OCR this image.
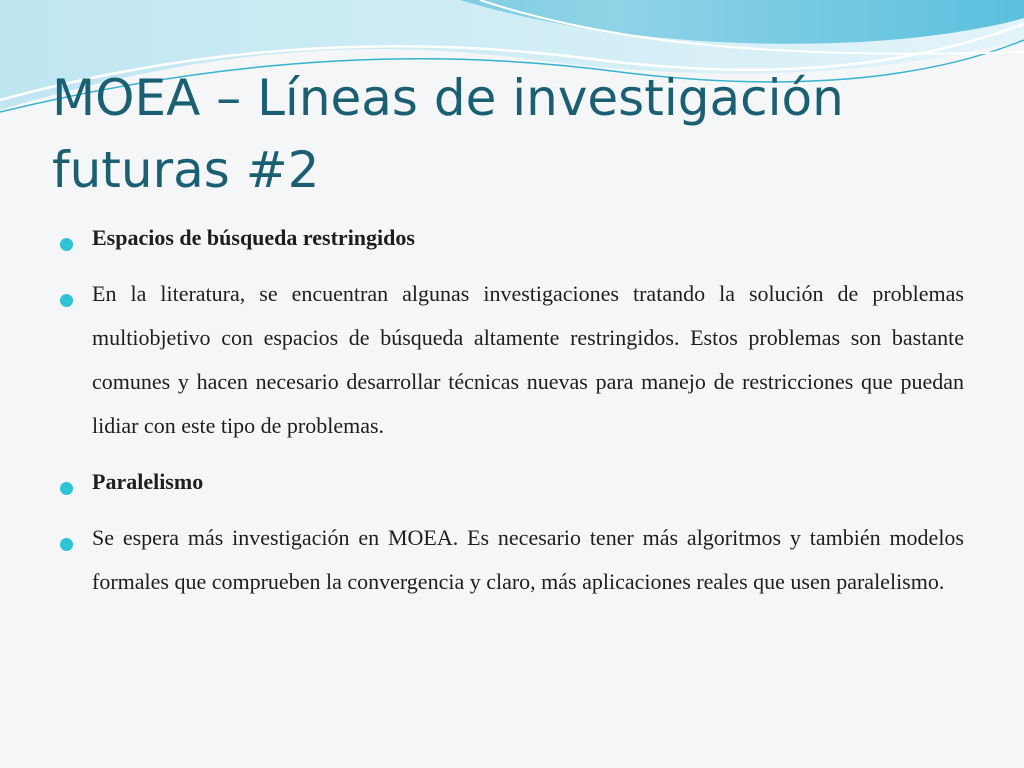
MOEA – Líneas de investigación futuras #2
Espacios de búsqueda restringidos
En la literatura, se encuentran algunas investigaciones tratando la solución de problemas multiobjetivo con espacios de búsqueda altamente restringidos. Estos problemas son bastante comunes y hacen necesario desarrollar técnicas nuevas para manejo de restricciones que puedan lidiar con este tipo de problemas.
Paralelismo
Se espera más investigación en MOEA. Es necesario tener más algoritmos y también modelos formales que comprueben la convergencia y claro, más aplicaciones reales que usen paralelismo.
